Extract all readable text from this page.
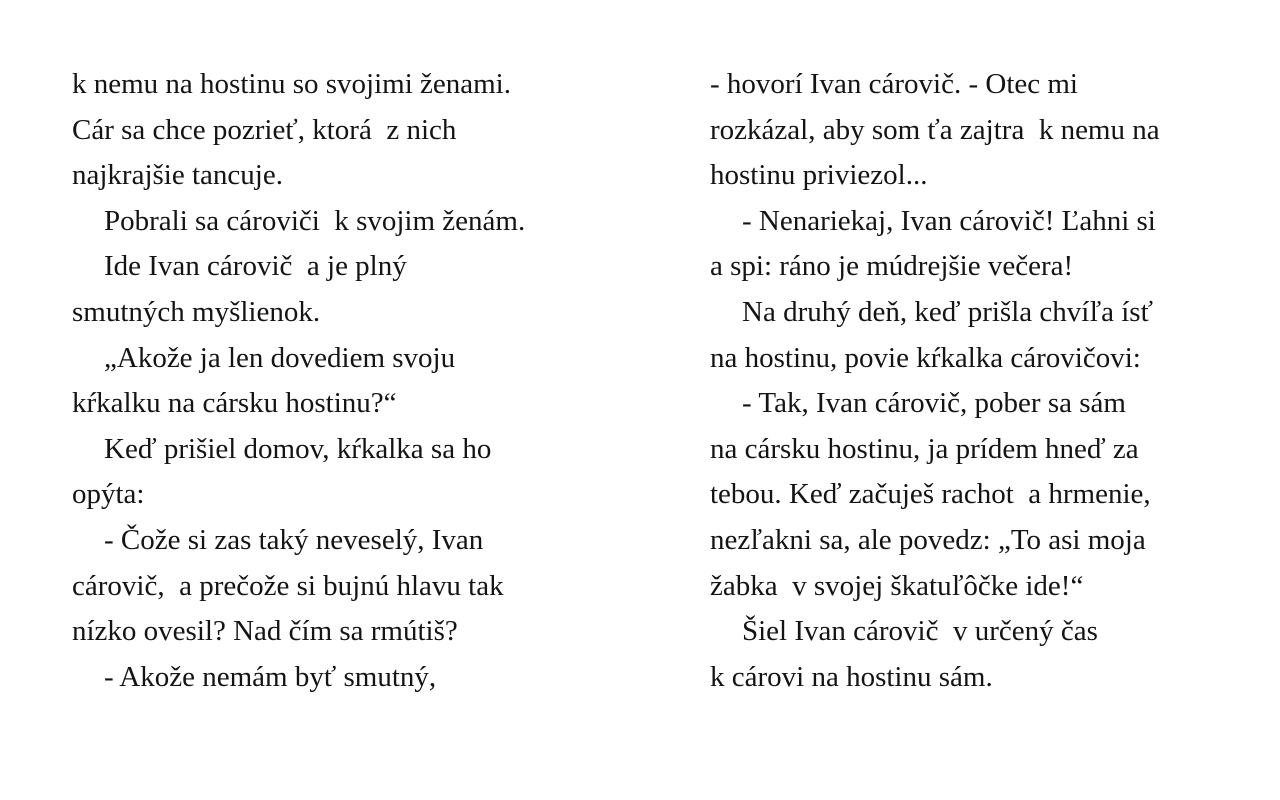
k nemu na hostinu so svojimi ženami.
Cár sa chce pozrieť, ktorá  z nich
najkrajšie tancuje.
Pobrali sa cároviči  k svojim ženám.
Ide Ivan cárovič  a je plný
smutných myšlienok.
„Akože ja len dovediem svoju
kŕkalku na cársku hostinu?“
Keď prišiel domov, kŕkalka sa ho
opýta:
- Čože si zas taký neveselý, Ivan
cárovič,  a prečože si bujnú hlavu tak
nízko ovesil? Nad čím sa rmútiš?
- Akože nemám byť smutný,
- hovorí Ivan cárovič. - Otec mi
rozkázal, aby som ťa zajtra  k nemu na
hostinu priviezol...
- Nenariekaj, Ivan cárovič! Ľahni si
a spi: ráno je múdrejšie večera!
Na druhý deň, keď prišla chvíľa ísť
na hostinu, povie kŕkalka cárovičovi:
- Tak, Ivan cárovič, pober sa sám
na cársku hostinu, ja prídem hneď za
tebou. Keď začuješ rachot  a hrmenie,
nezľakni sa, ale povedz: „To asi moja
žabka  v svojej škatuľôčke ide!“
Šiel Ivan cárovič  v určený čas
k cárovi na hostinu sám.
